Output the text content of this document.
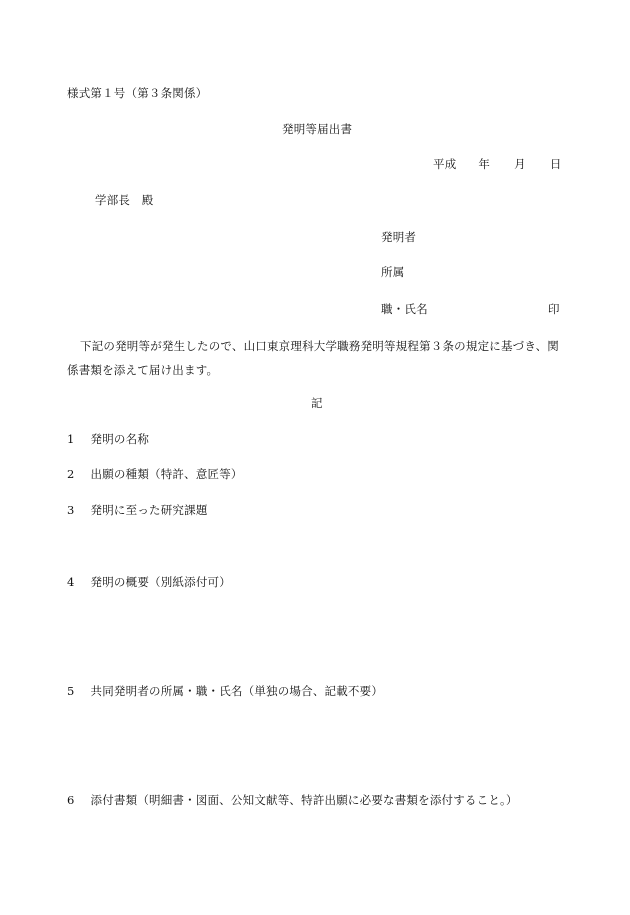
様式第１号（第３条関係）
発明等届出書
平成 年 月 日
学部長　殿
発明者
所属
職・氏名	印
下記の発明等が発生したので、山口東京理科大学職務発明等規程第３条の規定に基づき、関係書類を添えて届け出ます。
記
1 発明の名称
2 出願の種類（特許、意匠等）
3 発明に至った研究課題
4 発明の概要（別紙添付可）
5 共同発明者の所属・職・氏名（単独の場合、記載不要）
6 添付書類（明細書・図面、公知文献等、特許出願に必要な書類を添付すること。）
